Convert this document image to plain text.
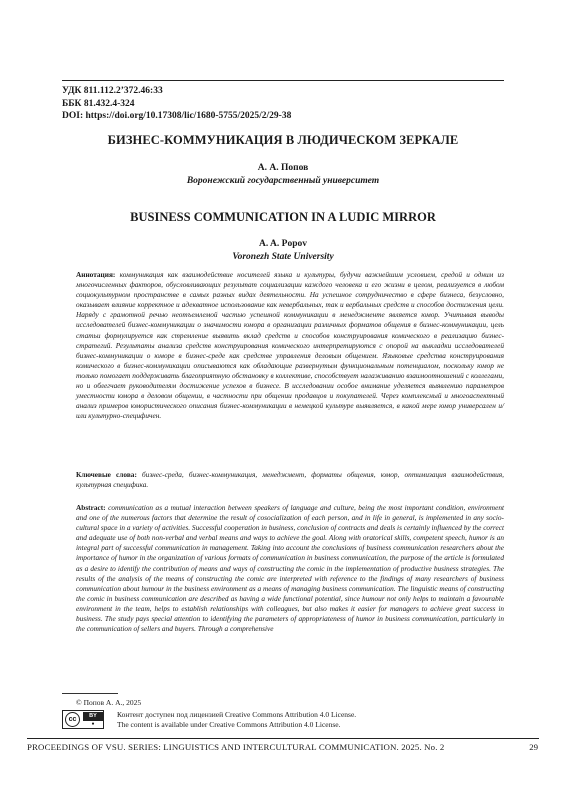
УДК 811.112.2’372.46:33
ББК 81.432.4-324
DOI: https://doi.org/10.17308/lic/1680-5755/2025/2/29-38
БИЗНЕС-КОММУНИКАЦИЯ В ЛЮДИЧЕСКОМ ЗЕРКАЛЕ
А. А. Попов
Воронежский государственный университет
BUSINESS COMMUNICATION IN A LUDIC MIRROR
A. A. Popov
Voronezh State University
Аннотация: коммуникация как взаимодействие носителей языка и культуры, будучи важнейшим условием, средой и одним из многочисленных факторов, обусловливающих результат социализации каждого человека и его жизни в целом, реализуется в любом социокультурном пространстве в самых разных видах деятельности. На успешное сотрудничество в сфере бизнеса, безусловно, оказывает влияние корректное и адекватное использование как невербальных, так и вербальных средств и способов достижения цели. Наряду с грамотной речью неотъемлемой частью успешной коммуникации в менеджменте является юмор. Учитывая выводы исследователей бизнес-коммуникации о значимости юмора в организации различных форматов общения в бизнес-коммуникации, цель статьи формулируется как стремление выявить вклад средств и способов конструирования комического в реализацию бизнес-стратегий. Результаты анализа средств конструирования комического интерпретируются с опорой на выкладки исследователей бизнес-коммуникации о юморе в бизнес-среде как средстве управления деловым общением. Языковые средства конструирования комического в бизнес-коммуникации описываются как обладающие развернутым функциональным потенциалом, поскольку юмор не только помогает поддерживать благоприятную обстановку в коллективе, способствует налаживанию взаимоотношений с коллегами, но и облегчает руководителям достижение успехов в бизнесе. В исследовании особое внимание уделяется выявлению параметров уместности юмора в деловом общении, в частности при общении продавцов и покупателей. Через комплексный и многоаспектный анализ примеров юмористического описания бизнес-коммуникации в немецкой культуре выявляется, в какой мере юмор универсален и/или культурно-специфичен.
Ключевые слова: бизнес-среда, бизнес-коммуникация, менеджмент, форматы общения, юмор, оптимизация взаимодействия, культурная специфика.
Abstract: communication as a mutual interaction between speakers of language and culture, being the most important condition, environment and one of the numerous factors that determine the result of cosocialization of each person, and in life in general, is implemented in any socio-cultural space in a variety of activities. Successful cooperation in business, conclusion of contracts and deals is certainly influenced by the correct and adequate use of both non-verbal and verbal means and ways to achieve the goal. Along with oratorical skills, competent speech, humor is an integral part of successful communication in management. Taking into account the conclusions of business communication researchers about the importance of humor in the organization of various formats of communication in business communication, the purpose of the article is formulated as a desire to identify the contribution of means and ways of constructing the comic in the implementation of productive business strategies. The results of the analysis of the means of constructing the comic are interpreted with reference to the findings of many researchers of business communication about humour in the business environment as a means of managing business communication. The linguistic means of constructing the comic in business communication are described as having a wide functional potential, since humour not only helps to maintain a favourable environment in the team, helps to establish relationships with colleagues, but also makes it easier for managers to achieve great success in business. The study pays special attention to identifying the parameters of appropriateness of humor in business communication, particularly in the communication of sellers and buyers. Through a comprehensive
© Попов А. А., 2025
cc	BY
●
Контент доступен под лицензией Creative Commons Attribution 4.0 License.
The content is available under Creative Commons Attribution 4.0 License.
PROCEEDINGS OF VSU. SERIES: LINGUISTICS AND INTERCULTURAL COMMUNICATION. 2025. No. 2	29
